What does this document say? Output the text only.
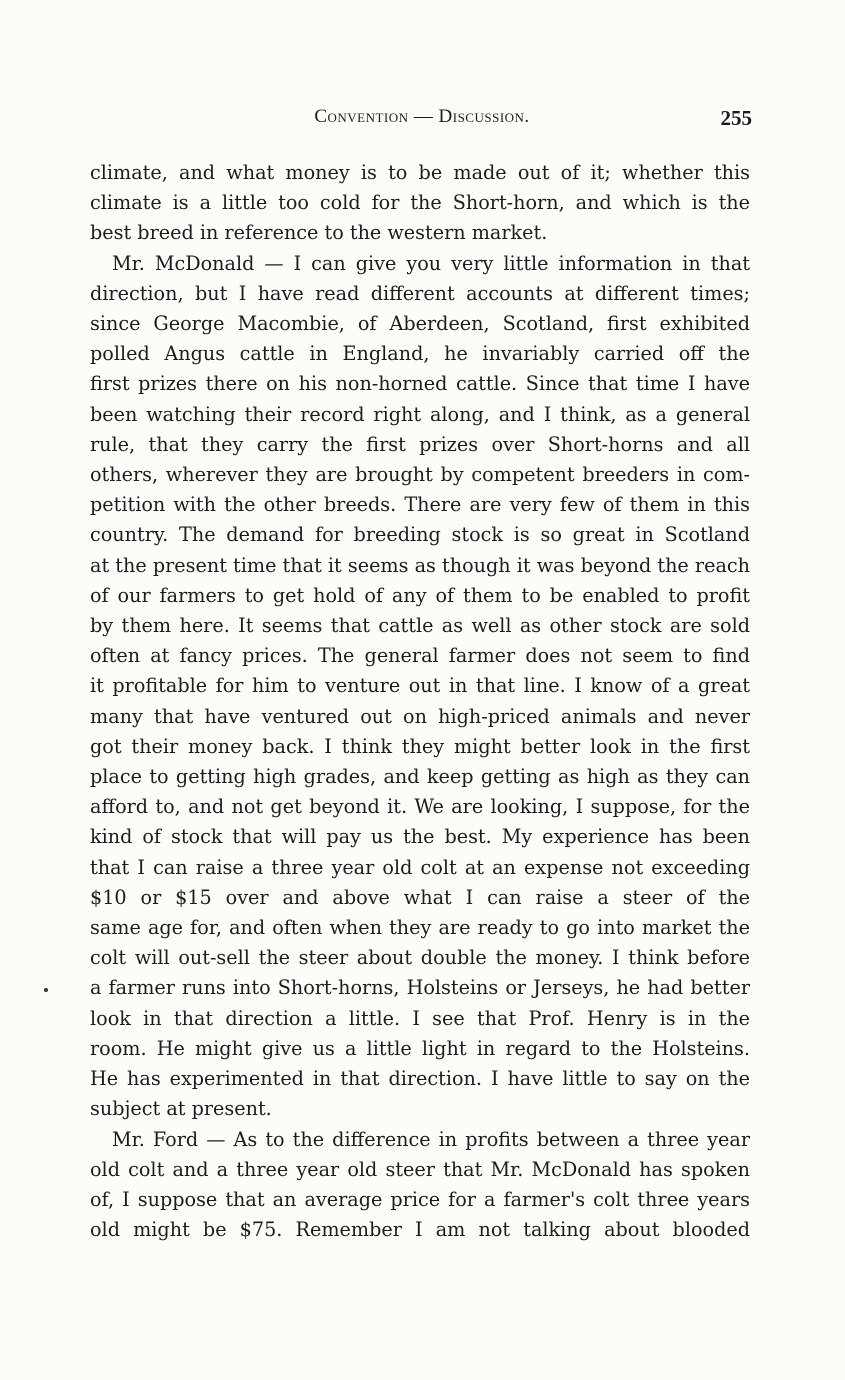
Convention — Discussion.	255

climate, and what money is to be made out of it; whether this
climate is a little too cold for the Short-horn, and which is the
best breed in reference to the western market.

Mr. McDonald — I can give you very little information in that
direction, but I have read different accounts at different times;
since George Macombie, of Aberdeen, Scotland, first exhibited
polled Angus cattle in England, he invariably carried off the
first prizes there on his non-horned cattle. Since that time I have
been watching their record right along, and I think, as a general
rule, that they carry the first prizes over Short-horns and all
others, wherever they are brought by competent breeders in com-
petition with the other breeds. There are very few of them in this
country. The demand for breeding stock is so great in Scotland
at the present time that it seems as though it was beyond the reach
of our farmers to get hold of any of them to be enabled to profit
by them here. It seems that cattle as well as other stock are sold
often at fancy prices. The general farmer does not seem to find
it profitable for him to venture out in that line. I know of a great
many that have ventured out on high-priced animals and never
got their money back. I think they might better look in the first
place to getting high grades, and keep getting as high as they can
afford to, and not get beyond it. We are looking, I suppose, for the
kind of stock that will pay us the best. My experience has been
that I can raise a three year old colt at an expense not exceeding
$10 or $15 over and above what I can raise a steer of the
same age for, and often when they are ready to go into market the
colt will out-sell the steer about double the money. I think before
a farmer runs into Short-horns, Holsteins or Jerseys, he had better
look in that direction a little. I see that Prof. Henry is in the
room. He might give us a little light in regard to the Holsteins.
He has experimented in that direction. I have little to say on the
subject at present.

Mr. Ford — As to the difference in profits between a three year
old colt and a three year old steer that Mr. McDonald has spoken
of, I suppose that an average price for a farmer's colt three years
old might be $75. Remember I am not talking about blooded
